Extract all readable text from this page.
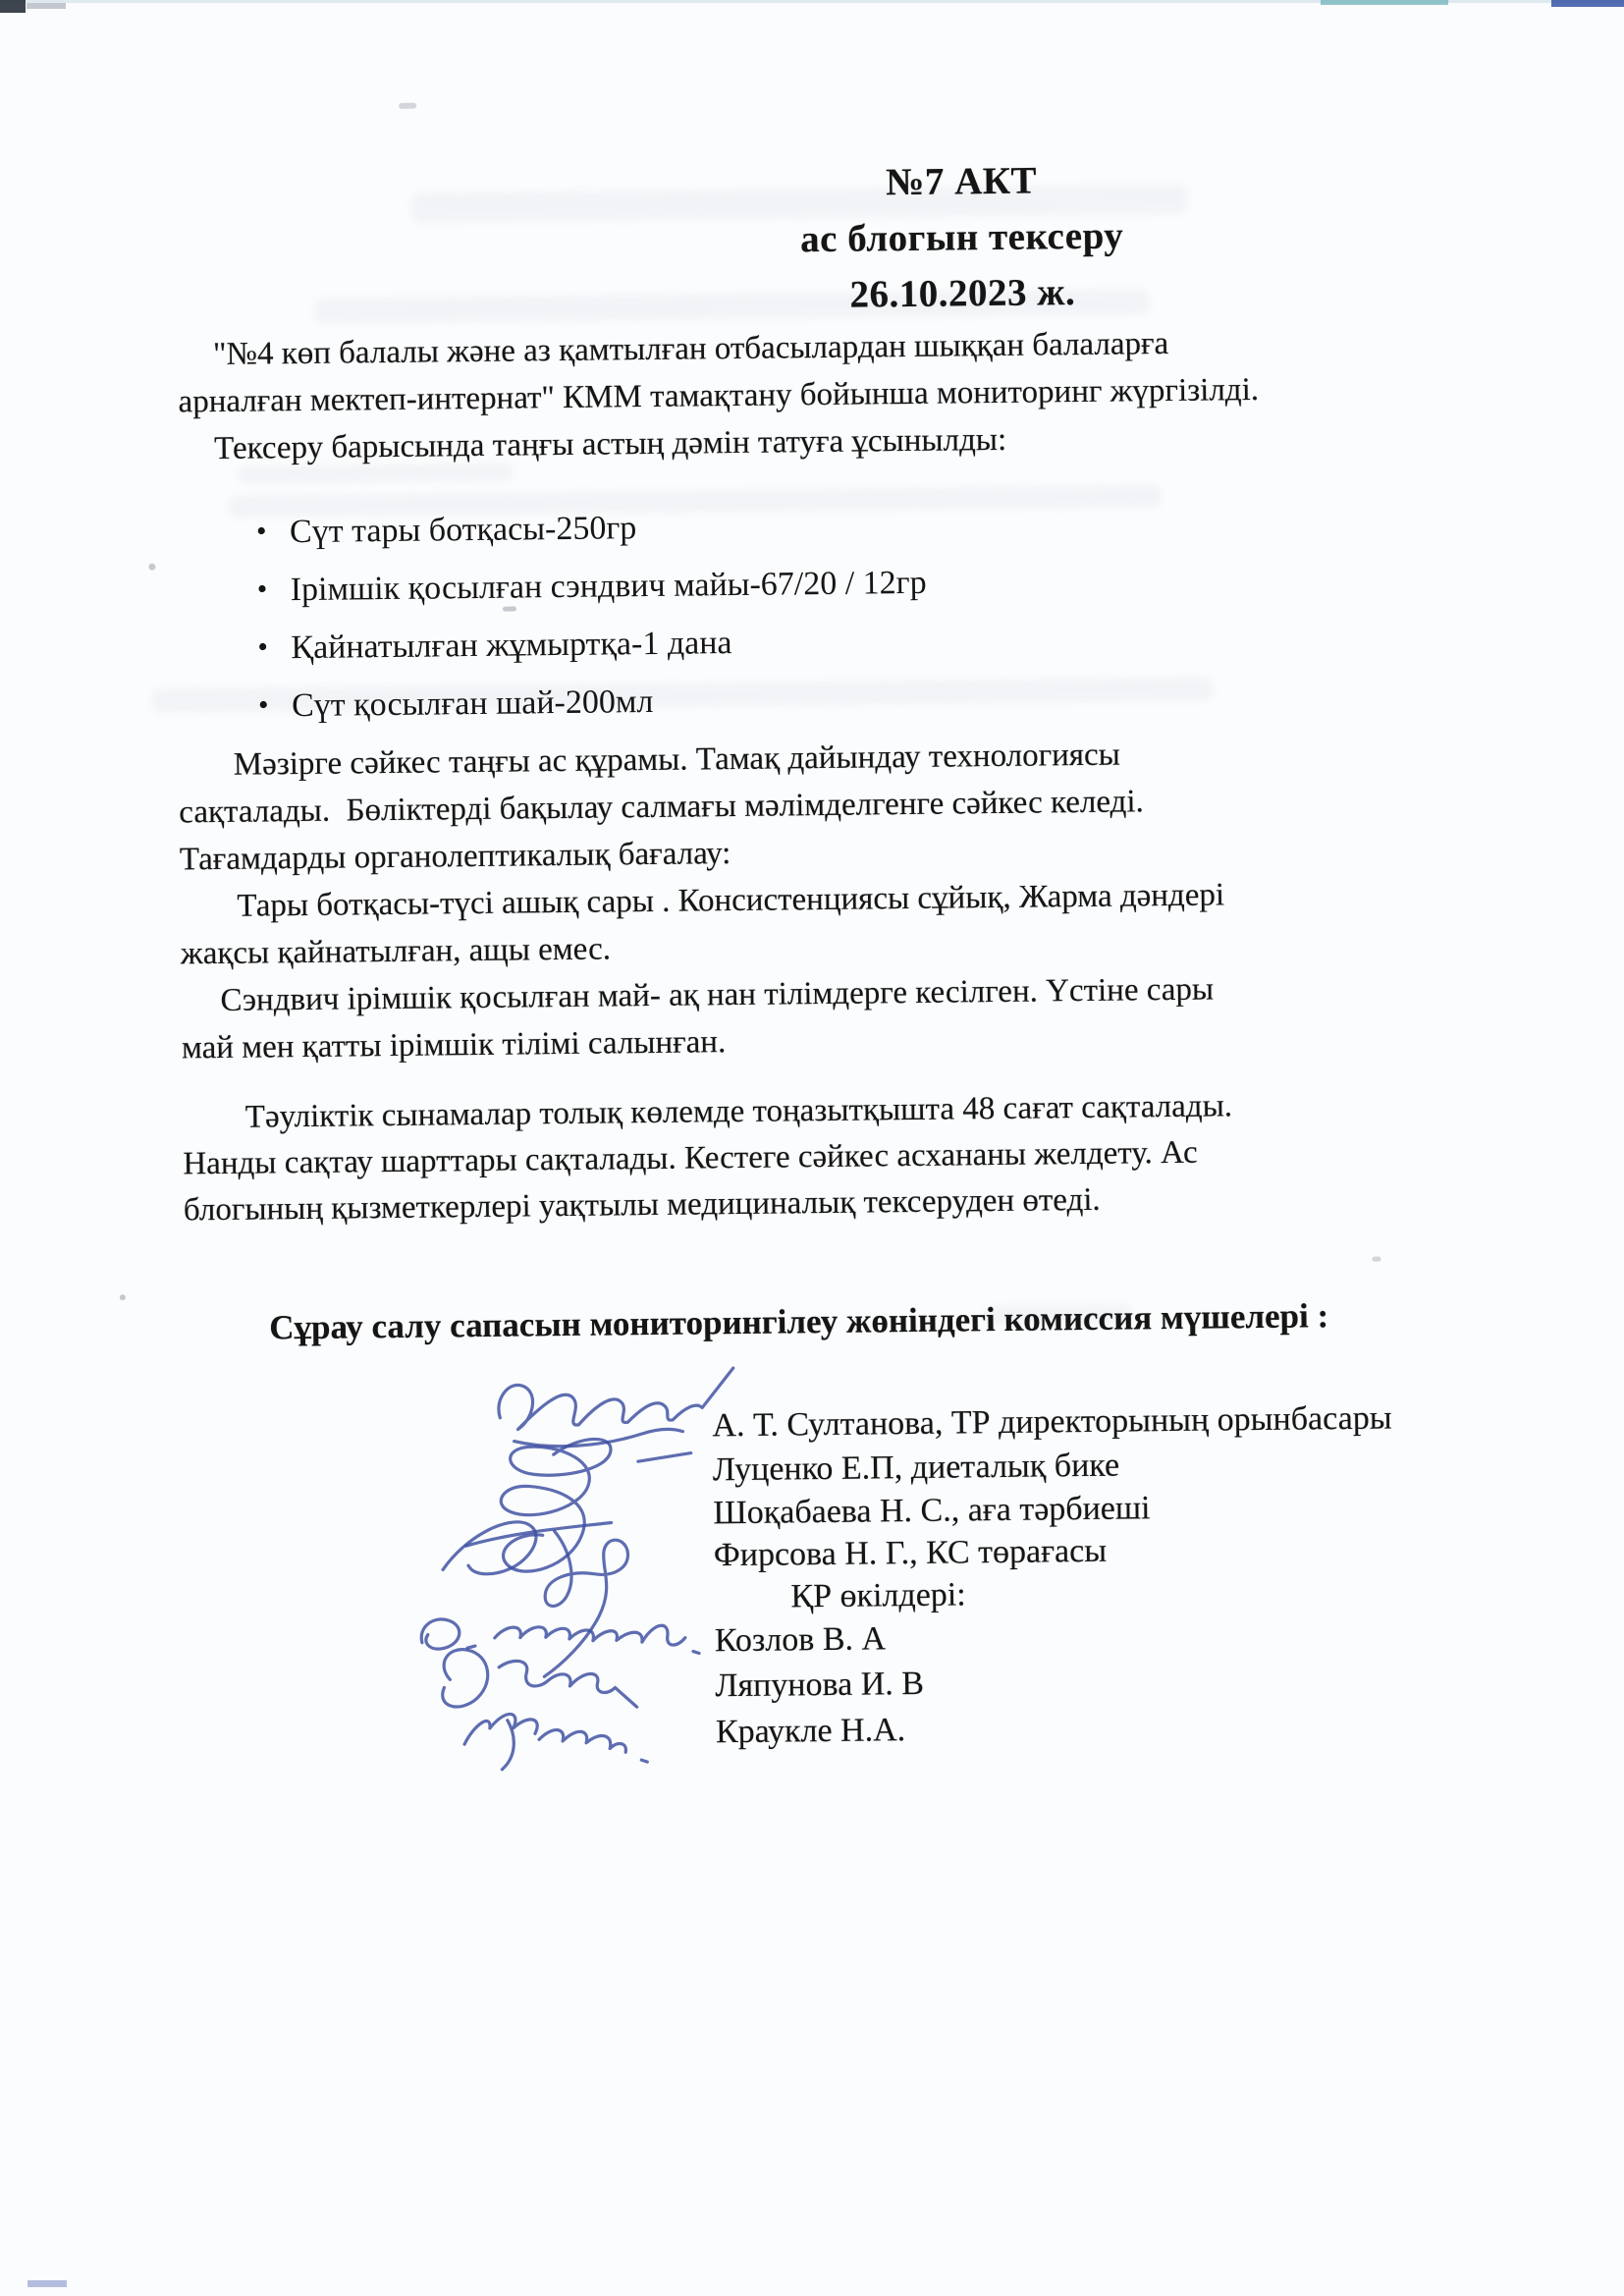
№7 АКТ
ас блогын тексеру
26.10.2023 ж.
"№4 көп балалы және аз қамтылған отбасылардан шыққан балаларға
арналған мектеп-интернат" КММ тамақтану бойынша мониторинг жүргізілді.
Тексеру барысында таңғы астың дәмін татуға ұсынылды:
• Сүт тары ботқасы-250гр
• Ірімшік қосылған сэндвич майы-67/20 / 12гр
• Қайнатылған жұмыртқа-1 дана
• Сүт қосылған шай-200мл
Мәзірге сәйкес таңғы ас құрамы. Тамақ дайындау технологиясы
сақталады.  Бөліктерді бақылау салмағы мәлімделгенге сәйкес келеді.
Тағамдарды органолептикалық бағалау:
Тары ботқасы-түсі ашық сары . Консистенциясы сұйық, Жарма дәндері
жақсы қайнатылған, ащы емес.
Сэндвич ірімшік қосылған май- ақ нан тілімдерге кесілген. Үстіне сары
май мен қатты ірімшік тілімі салынған.
Тәуліктік сынамалар толық көлемде тоңазытқышта 48 сағат сақталады.
Нанды сақтау шарттары сақталады. Кестеге сәйкес асхананы желдету. Ас
блогының қызметкерлері уақтылы медициналық тексеруден өтеді.
Сұрау салу сапасын мониторингілеу жөніндегі комиссия мүшелері :
А. Т. Султанова, ТР директорының орынбасары
Луценко Е.П, диеталық бике
Шоқабаева Н. С., аға тәрбиеші
Фирсова Н. Г., КС төрағасы
ҚР өкілдері:
Козлов В. А
Ляпунова И. В
Краукле Н.А.
